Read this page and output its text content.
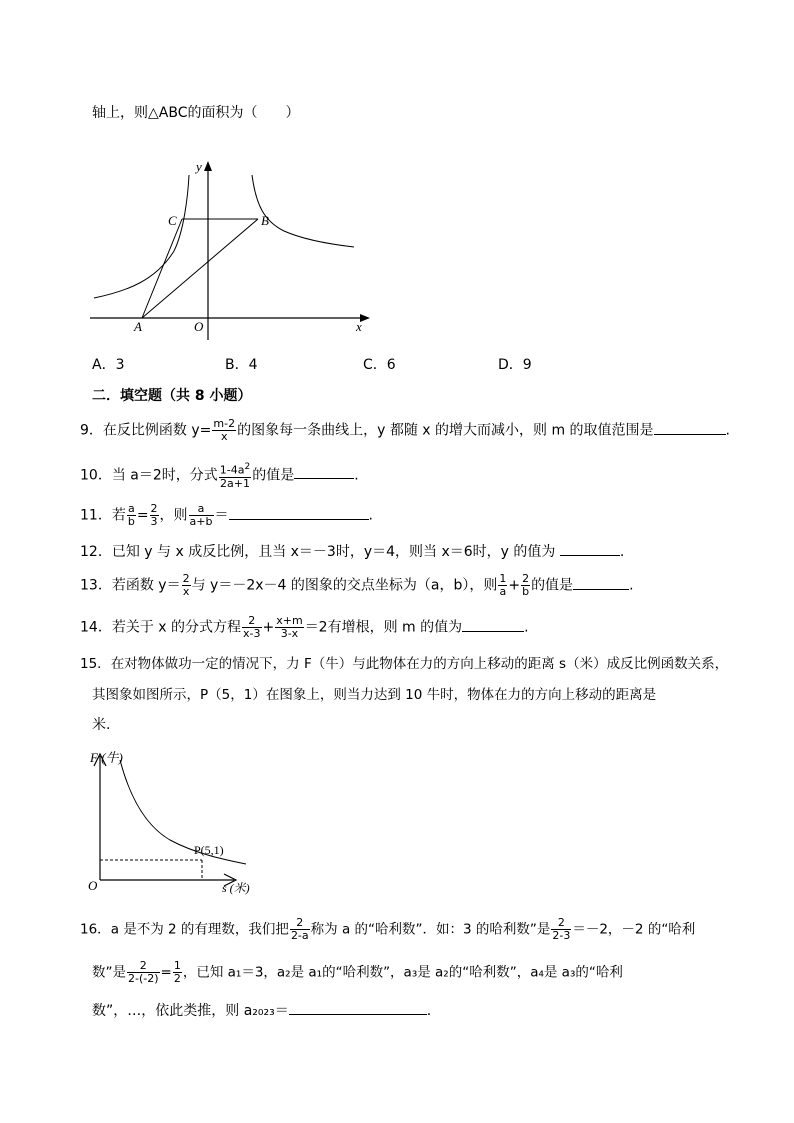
轴上，则△ABC的面积为（　　）
y
x
C	B
A	O
A．3	B．4	C．6	D．9
二．填空题（共 8 小题）
9．在反比例函数 $y= \frac{m-2}{x}$ 的图象每一条曲线上，y 都随 x 的增大而减小，则 m 的取值范围是	.
10．当 a＝2时，分式 $\frac{1-4a^2}{2a+1}$ 的值是	.
11．若 $\frac{a}{b} = \frac{2}{3}$ ，则 $\frac{a}{a+b}$ ＝	.
12．已知 y 与 x 成反比例，且当 x＝－3时，y＝4，则当 x＝6时，y 的值为	.
13．若函数 $y= \frac{2}{x}$ 与 y＝－2x－4 的图象的交点坐标为（a，b），则 $\frac{1}{a} + \frac{2}{b}$ 的值是	.
14．若关于 x 的分式方程 $\frac{2}{x-3} + \frac{x+m}{3-x} =2$有增根，则 m 的值为	.
15．在对物体做功一定的情况下，力 F（牛）与此物体在力的方向上移动的距离 s（米）成反比例函数关系，
其图象如图所示，P（5，1）在图象上，则当力达到 10 牛时，物体在力的方向上移动的距离是
米.
F (牛)
P(5,1)
O	s (米)
16．a 是不为 2 的有理数，我们把 $\frac{2}{2-a}$ 称为 a 的“哈利数”．如：3 的哈利数”是 $\frac{2}{2-3} =-2$，－2 的“哈利
数”是 $\frac{2}{2-(-2)} = \frac{1}{2}$ ，已知 a₁＝3，a₂是 a₁的“哈利数”，a₃是 a₂的“哈利数”，a₄是 a₃的“哈利
数”，…，依此类推，则 a₂₀₂₃＝	.
